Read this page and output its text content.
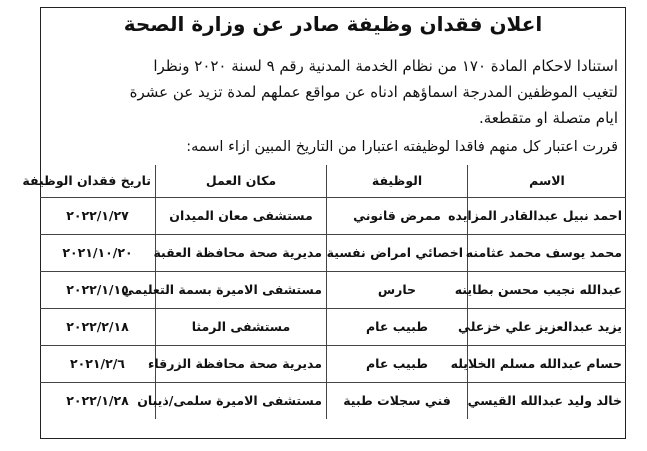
اعلان فقدان وظيفة صادر عن وزارة الصحة
استنادا لاحكام المادة ١٧٠ من نظام الخدمة المدنية رقم ٩ لسنة ٢٠٢٠ ونظرا
لتغيب الموظفين المدرجة اسماؤهم ادناه عن مواقع عملهم لمدة تزيد عن عشرة
ايام متصلة او متقطعة.
قررت اعتبار كل منهم فاقدا لوظيفته اعتبارا من التاريخ المبين ازاء اسمه:
الاسم	الوظيفة	مكان العمل	تاريخ فقدان الوظيفة
احمد نبيل عبدالقادر المزايده	ممرض قانوني	مستشفى معان الميدان	٢٠٢٢/١/٢٧
محمد يوسف محمد عثامنه	اخصائي امراض نفسية	مديرية صحة محافظة العقبة	٢٠٢١/١٠/٢٠
عبدالله نجيب محسن بطاينه	حارس	مستشفى الاميرة بسمة التعليمي	٢٠٢٢/١/١٥
يزيد عبدالعزيز علي خزعلي	طبيب عام	مستشفى الرمثا	٢٠٢٢/٢/١٨
حسام عبدالله مسلم الخلايله	طبيب عام	مديرية صحة محافظة الزرقاء	٢٠٢١/٢/٦
خالد وليد عبدالله القيسي	فني سجلات طبية	مستشفى الاميرة سلمى/ذيبان	٢٠٢٢/١/٢٨
